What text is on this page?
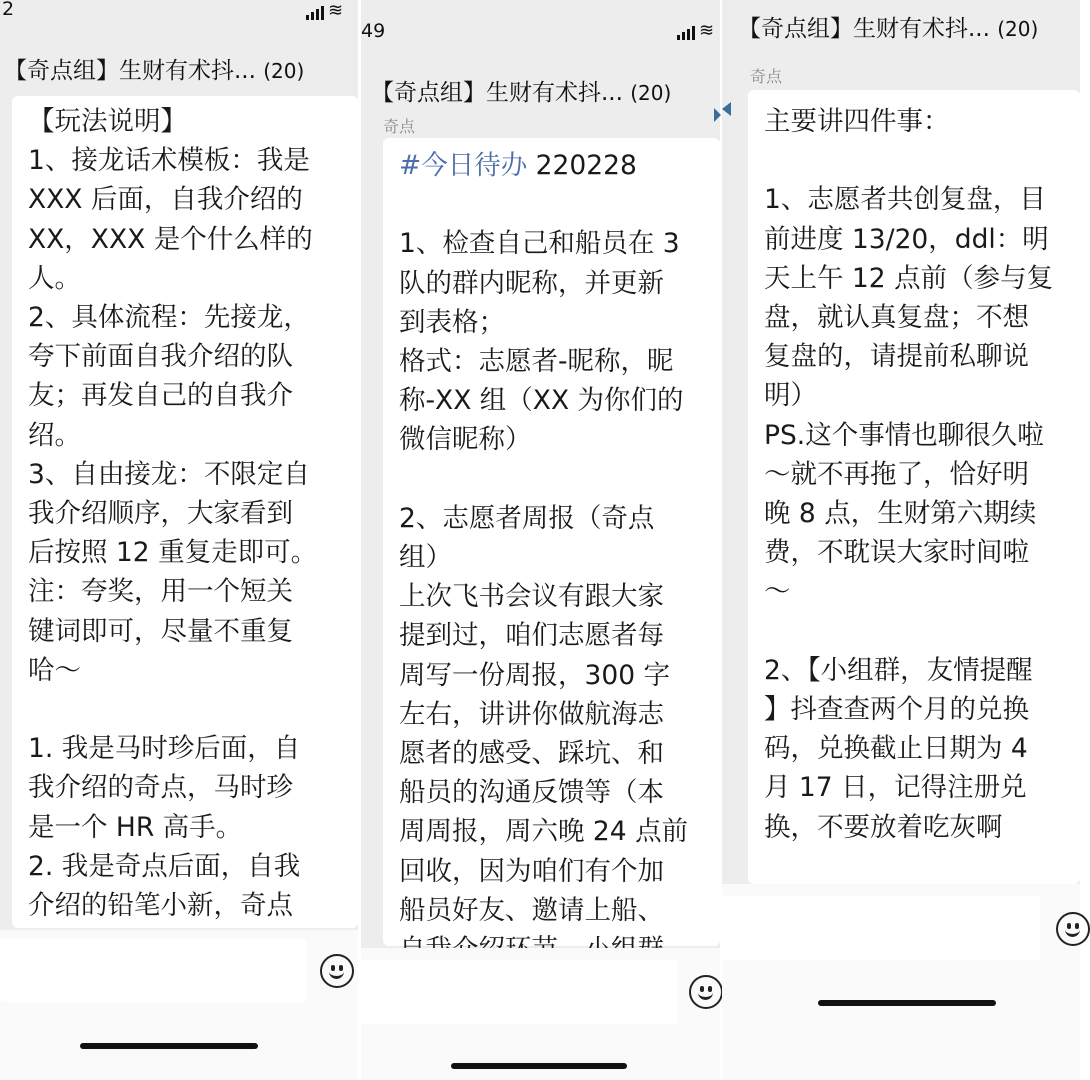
2	≋
【奇点组】生财有术抖... (20)
【玩法说明】
1、接龙话术模板：我是
XXX 后面，自我介绍的
XX，XXX 是个什么样的
人。
2、具体流程：先接龙，
夸下前面自我介绍的队
友；再发自己的自我介
绍。
3、自由接龙：不限定自
我介绍顺序，大家看到
后按照 12 重复走即可。
注：夸奖，用一个短关
键词即可，尽量不重复
哈～

1. 我是马时珍后面，自
我介绍的奇点，马时珍
是一个 HR 高手。
2. 我是奇点后面，自我
介绍的铅笔小新，奇点
49	≋
【奇点组】生财有术抖... (20)
奇点
#今日待办 220228

1、检查自己和船员在 3
队的群内昵称，并更新
到表格；
格式：志愿者-昵称，昵
称-XX 组（XX 为你们的
微信昵称）

2、志愿者周报（奇点
组）
上次飞书会议有跟大家
提到过，咱们志愿者每
周写一份周报，300 字
左右，讲讲你做航海志
愿者的感受、踩坑、和
船员的沟通反馈等（本
周周报，周六晚 24 点前
回收，因为咱们有个加
船员好友、邀请上船、
【奇点组】生财有术抖... (20)
奇点
主要讲四件事：

1、志愿者共创复盘，目
前进度 13/20，ddl：明
天上午 12 点前（参与复
盘，就认真复盘；不想
复盘的，请提前私聊说
明）
PS.这个事情也聊很久啦
～就不再拖了，恰好明
晚 8 点，生财第六期续
费，不耽误大家时间啦
～

2、【小组群，友情提醒
】抖查查两个月的兑换
码，兑换截止日期为 4
月 17 日，记得注册兑
换，不要放着吃灰啊
